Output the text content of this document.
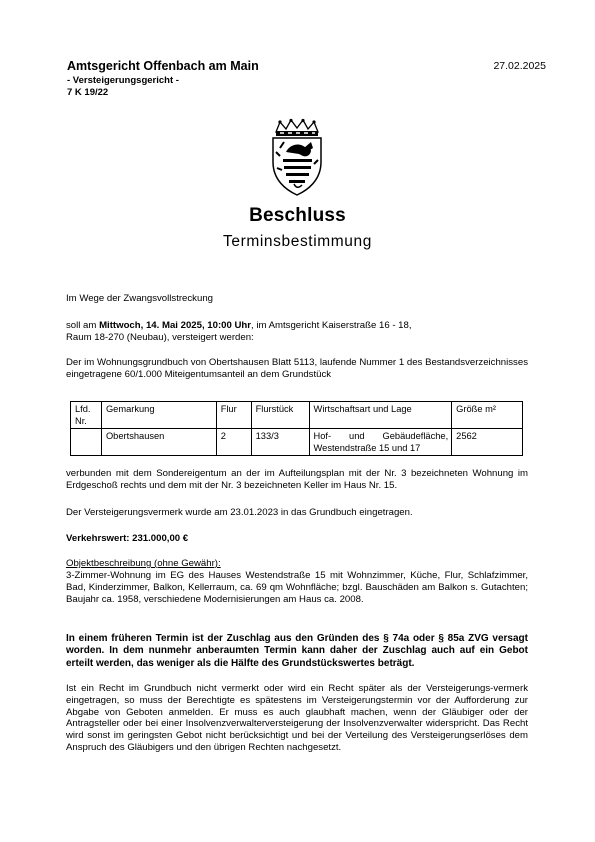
Amtsgericht Offenbach am Main
- Versteigerungsgericht -
7 K 19/22
27.02.2025
Beschluss
Terminsbestimmung
Im Wege der Zwangsvollstreckung
soll am Mittwoch, 14. Mai 2025, 10:00 Uhr, im Amtsgericht Kaiserstraße 16 - 18,
Raum 18-270 (Neubau), versteigert werden:
Der im Wohnungsgrundbuch von Obertshausen Blatt 5113, laufende Nummer 1 des Bestandsverzeichnisses eingetragene 60/1.000 Miteigentumsanteil an dem Grundstück
Lfd. Nr.	Gemarkung	Flur	Flurstück	Wirtschaftsart und Lage	Größe m²
	Obertshausen	2	133/3	Hof- und Gebäudefläche, Westendstraße 15 und 17	2562
verbunden mit dem Sondereigentum an der im Aufteilungsplan mit der Nr. 3 bezeichneten Wohnung im Erdgeschoß rechts und dem mit der Nr. 3 bezeichneten Keller im Haus Nr. 15.
Der Versteigerungsvermerk wurde am 23.01.2023 in das Grundbuch eingetragen.
Verkehrswert: 231.000,00 €
Objektbeschreibung (ohne Gewähr):
3-Zimmer-Wohnung im EG des Hauses Westendstraße 15 mit Wohnzimmer, Küche, Flur, Schlafzimmer, Bad, Kinderzimmer, Balkon, Kellerraum, ca. 69 qm Wohnfläche; bzgl. Bauschäden am Balkon s. Gutachten; Baujahr ca. 1958, verschiedene Modernisierungen am Haus ca. 2008.
In einem früheren Termin ist der Zuschlag aus den Gründen des § 74a oder § 85a ZVG versagt worden. In dem nunmehr anberaumten Termin kann daher der Zuschlag auch auf ein Gebot erteilt werden, das weniger als die Hälfte des Grundstückswertes beträgt.
Ist ein Recht im Grundbuch nicht vermerkt oder wird ein Recht später als der Versteigerungs-vermerk eingetragen, so muss der Berechtigte es spätestens im Versteigerungstermin vor der Aufforderung zur Abgabe von Geboten anmelden. Er muss es auch glaubhaft machen, wenn der Gläubiger oder der Antragsteller oder bei einer Insolvenzverwalterversteigerung der Insolvenzverwalter widerspricht. Das Recht wird sonst im geringsten Gebot nicht berücksichtigt und bei der Verteilung des Versteigerungserlöses dem Anspruch des Gläubigers und den übrigen Rechten nachgesetzt.
